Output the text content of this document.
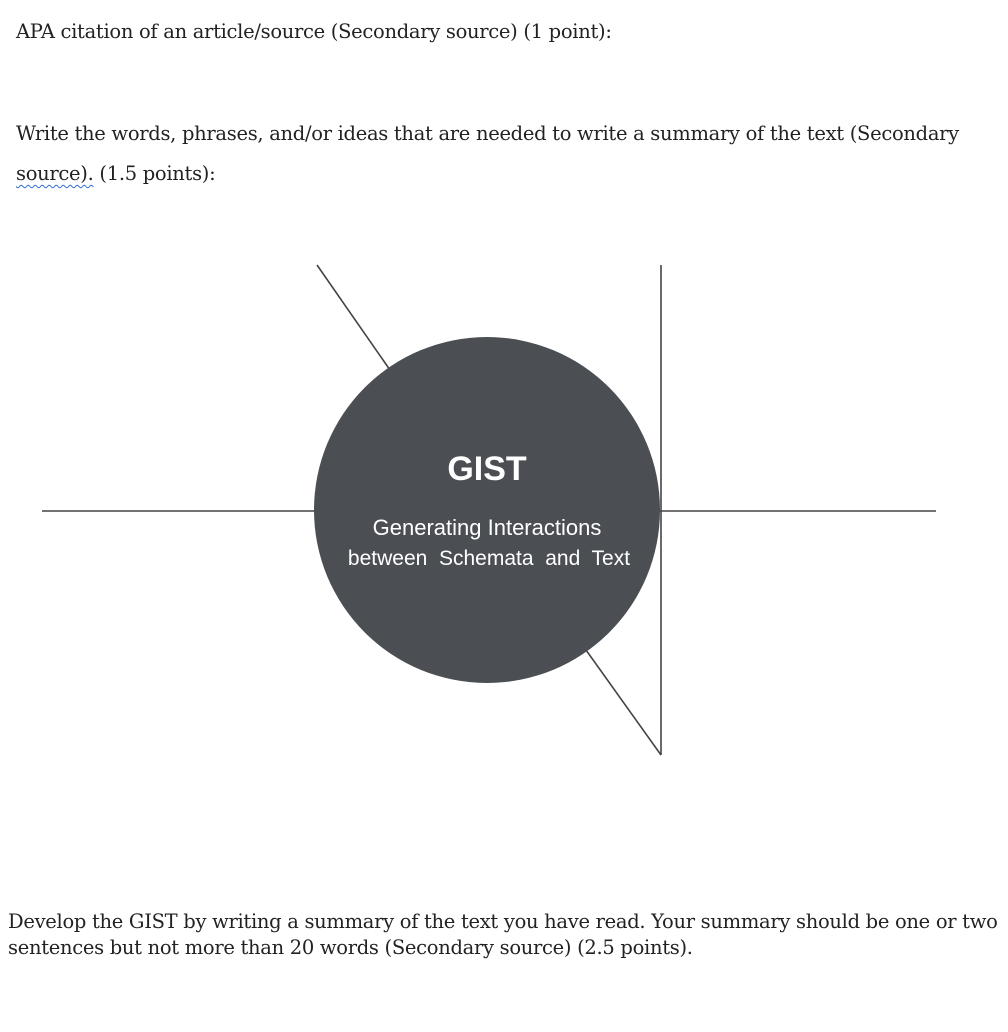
APA citation of an article/source (Secondary source) (1 point):

Write the words, phrases, and/or ideas that are needed to write a summary of the text (Secondary

source). (1.5 points):

GIST
Generating Interactions
between  Schemata  and  Text

Develop the GIST by writing a summary of the text you have read. Your summary should be one or two

sentences but not more than 20 words (Secondary source) (2.5 points).
